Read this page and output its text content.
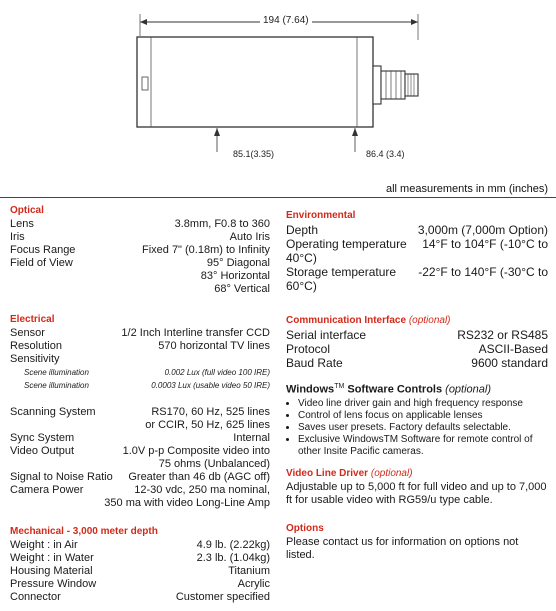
194 (7.64)
85.1(3.35)	86.4 (3.4)
all measurements in mm (inches)
Optical
Lens	3.8mm, F0.8 to 360
Iris	Auto Iris
Focus Range	Fixed 7" (0.18m) to Infinity
Field of View	95° Diagonal
83° Horizontal
68° Vertical
Electrical
Sensor	1/2 Inch Interline transfer CCD
Resolution	570 horizontal TV lines
Sensitivity
Scene illumination	0.002 Lux (full video 100 IRE)
Scene illumination	0.0003 Lux (usable video 50 IRE)
Scanning System	RS170, 60 Hz, 525 lines
or CCIR, 50 Hz, 625 lines
Sync System	Internal
Video Output	1.0V p-p Composite video into
75 ohms (Unbalanced)
Signal to Noise Ratio Greater than 46 db (AGC off)
Camera Power	12-30 vdc, 250 ma nominal,
350 ma with video Long-Line Amp
Mechanical - 3,000 meter depth
Weight : in Air	4.9 lb. (2.22kg)
Weight : in Water	2.3 lb. (1.04kg)
Housing Material	Titanium
Pressure Window	Acrylic
Connector	Customer specified
Environmental
Depth	3,000m (7,000m Option)
Operating temperature 14°F to 104°F (-10°C to
40°C)
Storage temperature -22°F to 140°F (-30°C to
60°C)
Communication Interface (optional)
Serial interface	RS232 or RS485
Protocol	ASCII-Based
Baud Rate	9600 standard
Windows™ Software Controls (optional)
• Video line driver gain and high frequency response
• Control of lens focus on applicable lenses
• Saves user presets. Factory defaults selectable.
• Exclusive WindowsTM Software for remote control of other Insite Pacific cameras.
Video Line Driver (optional)
Adjustable up to 5,000 ft for full video and up to 7,000 ft for usable video with RG59/u type cable.
Options
Please contact us for information on options not listed.
